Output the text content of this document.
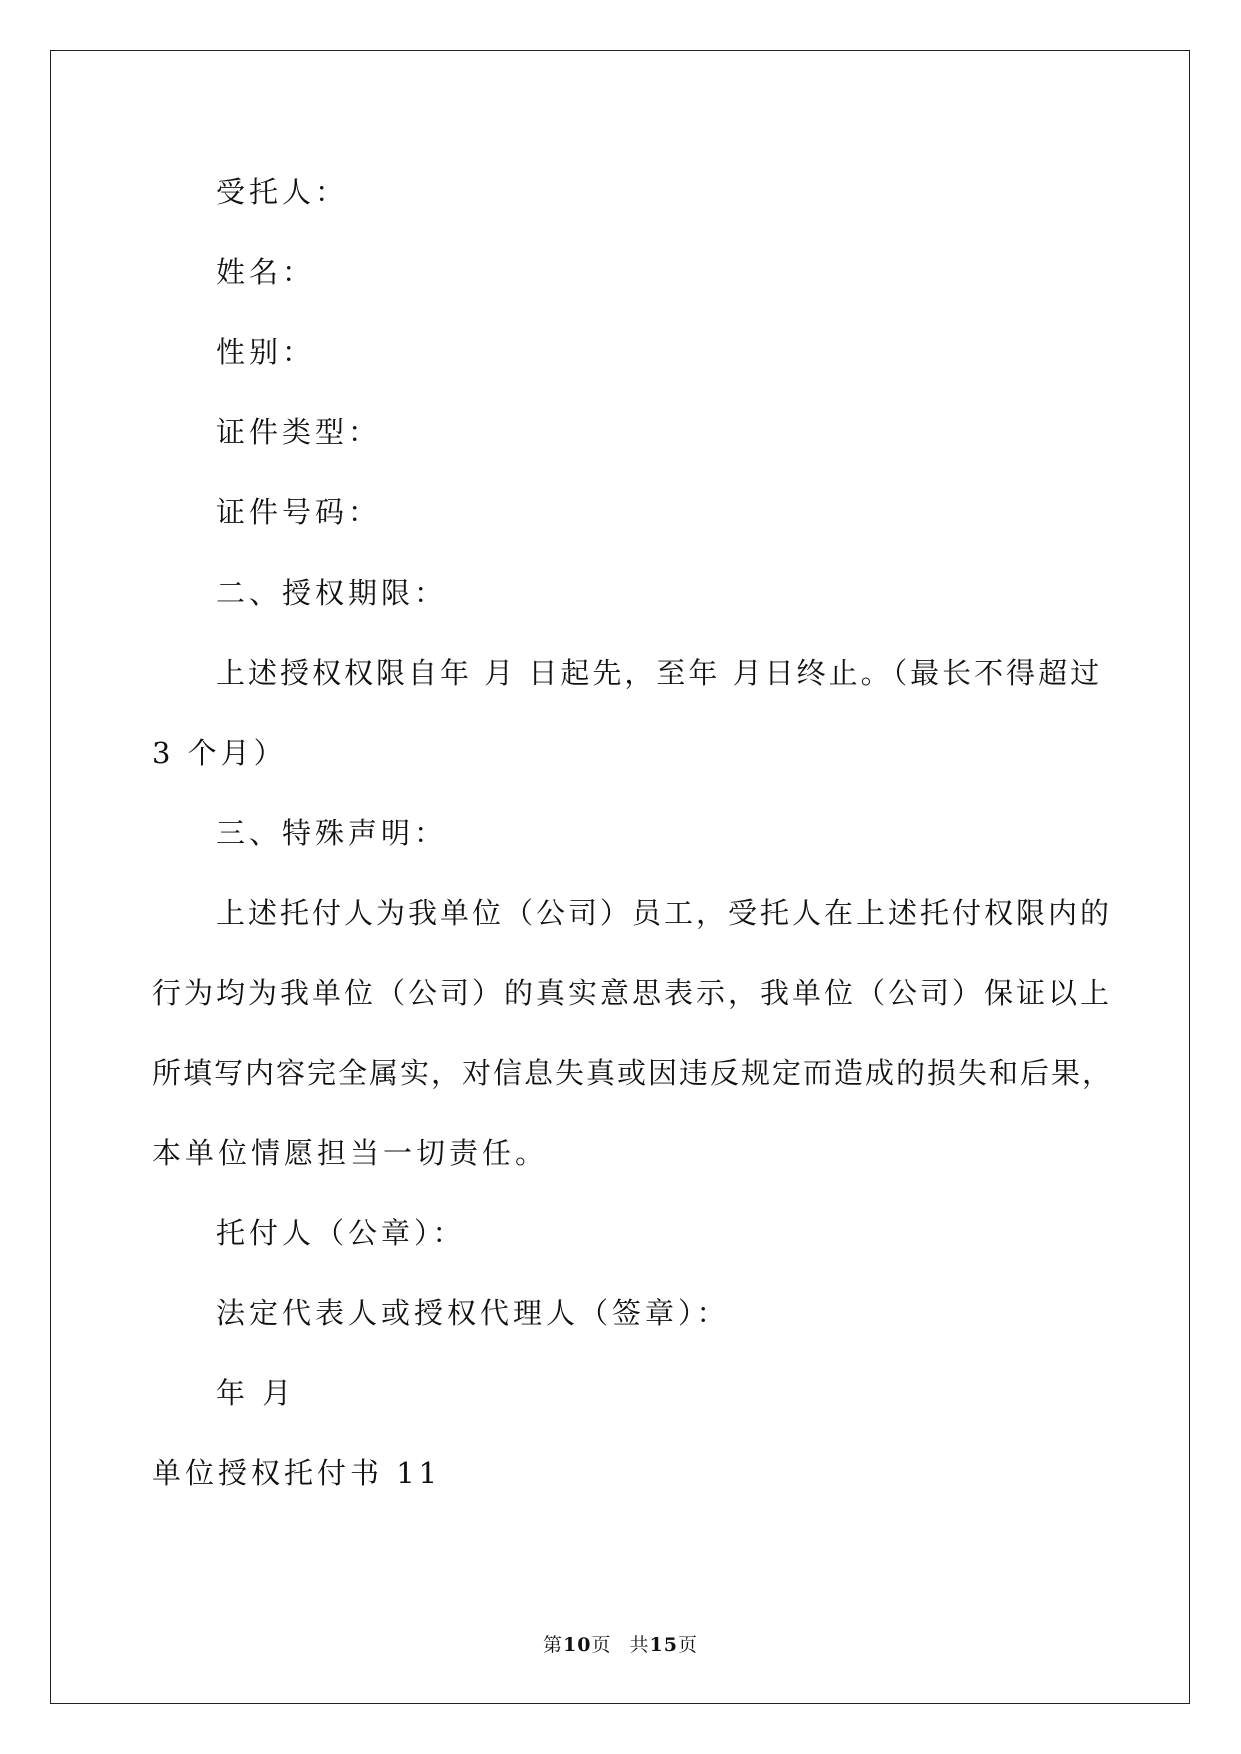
受托人：
姓名：
性别：
证件类型：
证件号码：
二、授权期限：
上述授权权限自年 月 日起先，至年 月日终止。（最长不得超过
3 个月）
三、特殊声明：
上述托付人为我单位（公司）员工，受托人在上述托付权限内的
行为均为我单位（公司）的真实意思表示，我单位（公司）保证以上
所填写内容完全属实，对信息失真或因违反规定而造成的损失和后果，
本单位情愿担当一切责任。
托付人（公章）：
法定代表人或授权代理人（签章）：
年 月
单位授权托付书 11
第10页 共15页
